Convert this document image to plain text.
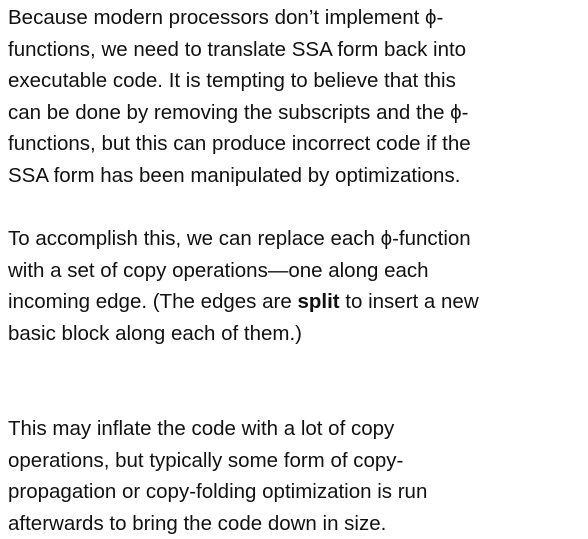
Because modern processors don’t implement ϕ-
functions, we need to translate SSA form back into
executable code. It is tempting to believe that this
can be done by removing the subscripts and the ϕ-
functions, but this can produce incorrect code if the
SSA form has been manipulated by optimizations.
To accomplish this, we can replace each ϕ-function
with a set of copy operations—one along each
incoming edge. (The edges are split to insert a new
basic block along each of them.)
This may inflate the code with a lot of copy
operations, but typically some form of copy-
propagation or copy-folding optimization is run
afterwards to bring the code down in size.
